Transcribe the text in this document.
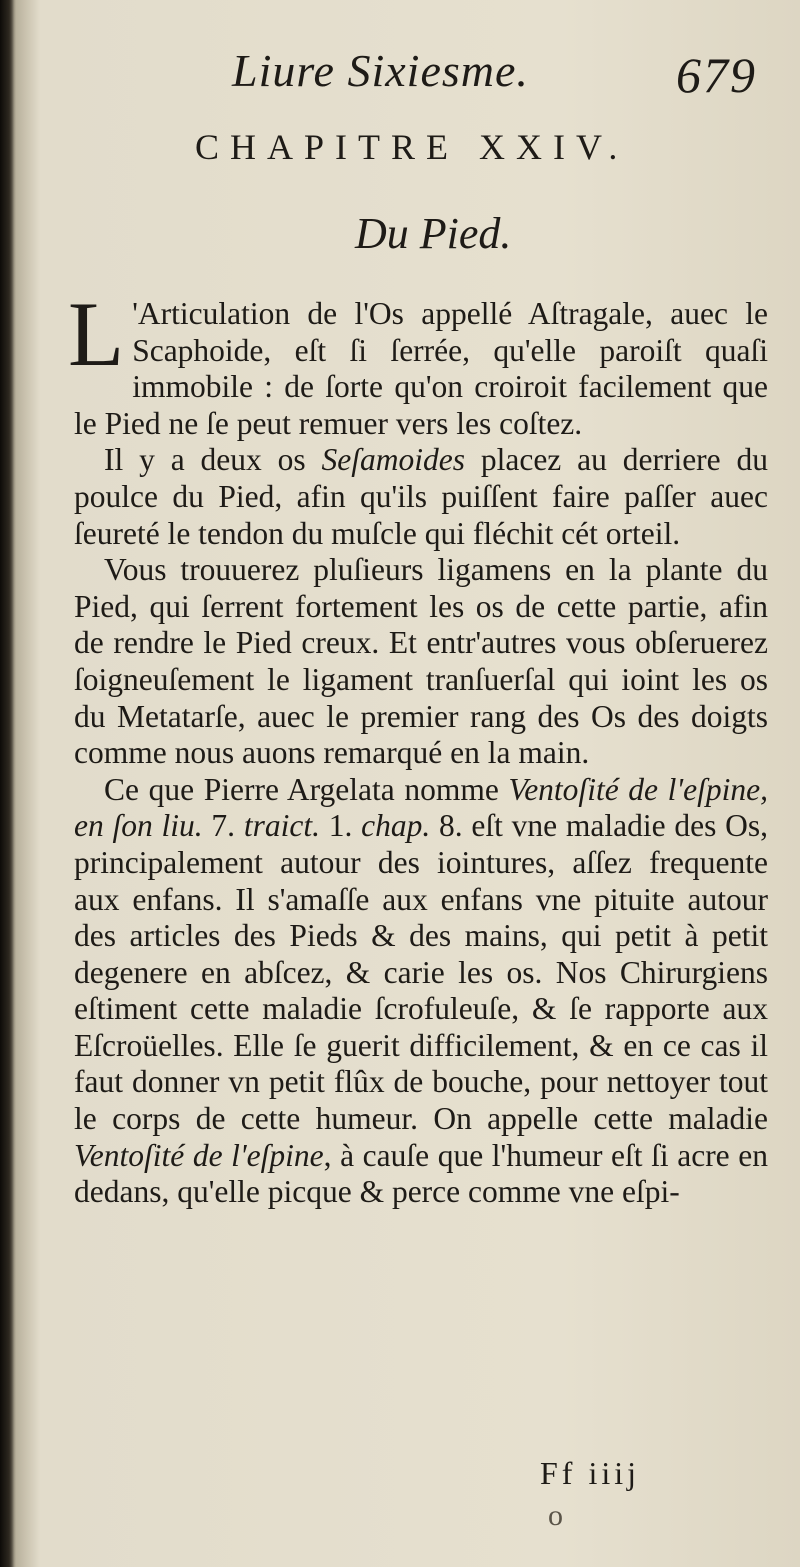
Liure Sixiesme.	679
CHAPITRE XXIV.
Du Pied.

L 'Articulation de l'Os appellé Aſtragale, auec le Scaphoide, eſt ſi ſerrée, qu'elle paroiſt quaſi immobile : de ſorte qu'on croiroit facilement que le Pied ne ſe peut remuer vers les coſtez.

Il y a deux os Seſamoides placez au derriere du poulce du Pied, afin qu'ils puiſſent faire paſſer auec ſeureté le tendon du muſcle qui fléchit cét orteil.

Vous trouuerez pluſieurs ligamens en la plante du Pied, qui ſerrent fortement les os de cette partie, afin de rendre le Pied creux. Et entr'autres vous obſeruerez ſoigneuſement le ligament tranſuerſal qui ioint les os du Metatarſe, auec le premier rang des Os des doigts comme nous auons remarqué en la main.

Ce que Pierre Argelata nomme Ventoſité de l'eſpine, en ſon liu. 7. traict. 1. chap. 8. eſt vne maladie des Os, principalement autour des iointures, aſſez frequente aux enfans. Il s'amaſſe aux enfans vne pituite autour des articles des Pieds & des mains, qui petit à petit degenere en abſcez, & carie les os. Nos Chirurgiens eſtiment cette maladie ſcrofuleuſe, & ſe rapporte aux Eſcroüelles. Elle ſe guerit difficilement, & en ce cas il faut donner vn petit flûx de bouche, pour nettoyer tout le corps de cette humeur. On appelle cette maladie Ventoſité de l'eſpine, à cauſe que l'humeur eſt ſi acre en dedans, qu'elle picque & perce comme vne eſpi-

Ff iiij
o
